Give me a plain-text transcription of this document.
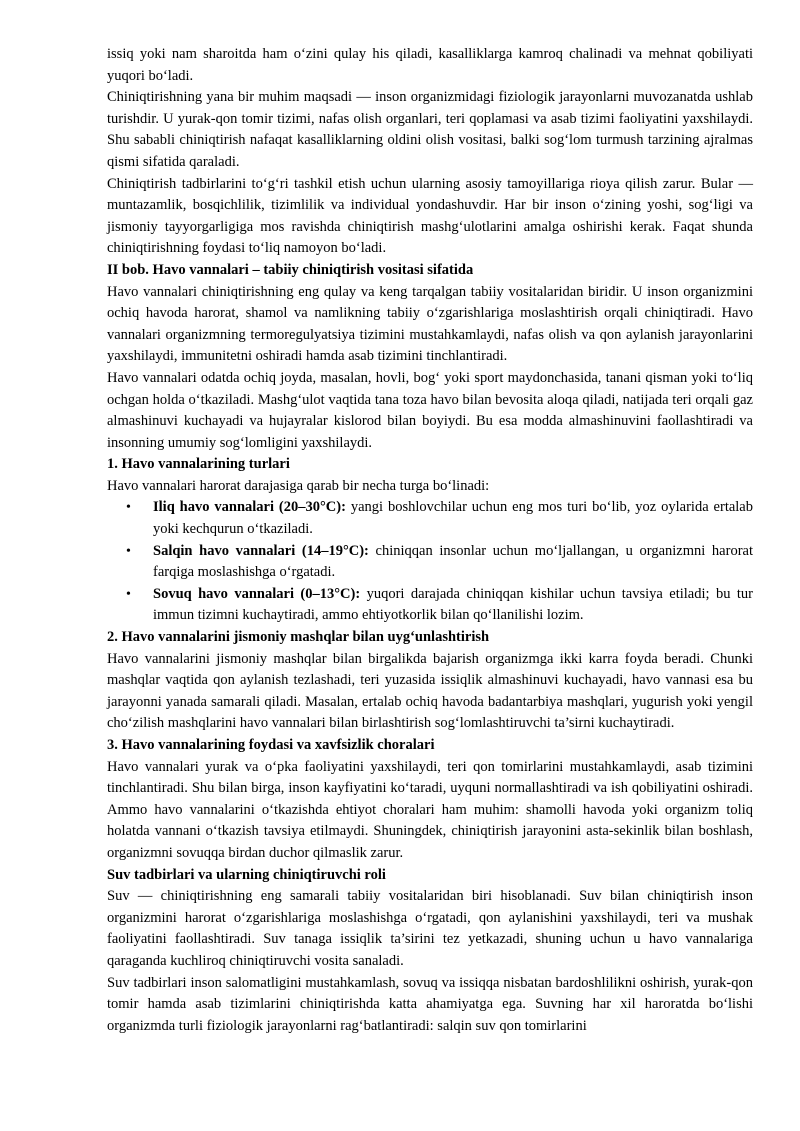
issiq yoki nam sharoitda ham o‘zini qulay his qiladi, kasalliklarga kamroq chalinadi va mehnat qobiliyati yuqori bo‘ladi.

Chiniqtirishning yana bir muhim maqsadi — inson organizmidagi fiziologik jarayonlarni muvozanatda ushlab turishdir. U yurak-qon tomir tizimi, nafas olish organlari, teri qoplamasi va asab tizimi faoliyatini yaxshilaydi. Shu sababli chiniqtirish nafaqat kasalliklarning oldini olish vositasi, balki sog‘lom turmush tarzining ajralmas qismi sifatida qaraladi.

Chiniqtirish tadbirlarini to‘g‘ri tashkil etish uchun ularning asosiy tamoyillariga rioya qilish zarur. Bular — muntazamlik, bosqichlilik, tizimlilik va individual yondashuvdir. Har bir inson o‘zining yoshi, sog‘ligi va jismoniy tayyorgarligiga mos ravishda chiniqtirish mashg‘ulotlarini amalga oshirishi kerak. Faqat shunda chiniqtirishning foydasi to‘liq namoyon bo‘ladi.

II bob. Havo vannalari – tabiiy chiniqtirish vositasi sifatida

Havo vannalari chiniqtirishning eng qulay va keng tarqalgan tabiiy vositalaridan biridir. U inson organizmini ochiq havoda harorat, shamol va namlikning tabiiy o‘zgarishlariga moslashtirish orqali chiniqtiradi. Havo vannalari organizmning termoregulyatsiya tizimini mustahkamlaydi, nafas olish va qon aylanish jarayonlarini yaxshilaydi, immunitetni oshiradi hamda asab tizimini tinchlantiradi.

Havo vannalari odatda ochiq joyda, masalan, hovli, bog‘ yoki sport maydonchasida, tanani qisman yoki to‘liq ochgan holda o‘tkaziladi. Mashg‘ulot vaqtida tana toza havo bilan bevosita aloqa qiladi, natijada teri orqali gaz almashinuvi kuchayadi va hujayralar kislorod bilan boyiydi. Bu esa modda almashinuvini faollashtiradi va insonning umumiy sog‘lomligini yaxshilaydi.

1. Havo vannalarining turlari

Havo vannalari harorat darajasiga qarab bir necha turga bo‘linadi:

• Iliq havo vannalari (20–30°C): yangi boshlovchilar uchun eng mos turi bo‘lib, yoz oylarida ertalab yoki kechqurun o‘tkaziladi.
• Salqin havo vannalari (14–19°C): chiniqqan insonlar uchun mo‘ljallangan, u organizmni harorat farqiga moslashishga o‘rgatadi.
• Sovuq havo vannalari (0–13°C): yuqori darajada chiniqqan kishilar uchun tavsiya etiladi; bu tur immun tizimni kuchaytiradi, ammo ehtiyotkorlik bilan qo‘llanilishi lozim.

2. Havo vannalarini jismoniy mashqlar bilan uyg‘unlashtirish

Havo vannalarini jismoniy mashqlar bilan birgalikda bajarish organizmga ikki karra foyda beradi. Chunki mashqlar vaqtida qon aylanish tezlashadi, teri yuzasida issiqlik almashinuvi kuchayadi, havo vannasi esa bu jarayonni yanada samarali qiladi. Masalan, ertalab ochiq havoda badantarbiya mashqlari, yugurish yoki yengil cho‘zilish mashqlarini havo vannalari bilan birlashtirish sog‘lomlashtiruvchi ta’sirni kuchaytiradi.

3. Havo vannalarining foydasi va xavfsizlik choralari

Havo vannalari yurak va o‘pka faoliyatini yaxshilaydi, teri qon tomirlarini mustahkamlaydi, asab tizimini tinchlantiradi. Shu bilan birga, inson kayfiyatini ko‘taradi, uyquni normallashtiradi va ish qobiliyatini oshiradi.

Ammo havo vannalarini o‘tkazishda ehtiyot choralari ham muhim: shamolli havoda yoki organizm toliq holatda vannani o‘tkazish tavsiya etilmaydi. Shuningdek, chiniqtirish jarayonini asta-sekinlik bilan boshlash, organizmni sovuqqa birdan duchor qilmaslik zarur.

Suv tadbirlari va ularning chiniqtiruvchi roli

Suv — chiniqtirishning eng samarali tabiiy vositalaridan biri hisoblanadi. Suv bilan chiniqtirish inson organizmini harorat o‘zgarishlariga moslashishga o‘rgatadi, qon aylanishini yaxshilaydi, teri va mushak faoliyatini faollashtiradi. Suv tanaga issiqlik ta’sirini tez yetkazadi, shuning uchun u havo vannalariga qaraganda kuchliroq chiniqtiruvchi vosita sanaladi.

Suv tadbirlari inson salomatligini mustahkamlash, sovuq va issiqqa nisbatan bardoshlilikni oshirish, yurak-qon tomir hamda asab tizimlarini chiniqtirishda katta ahamiyatga ega. Suvning har xil haroratda bo‘lishi organizmda turli fiziologik jarayonlarni rag‘batlantiradi: salqin suv qon tomirlarini
